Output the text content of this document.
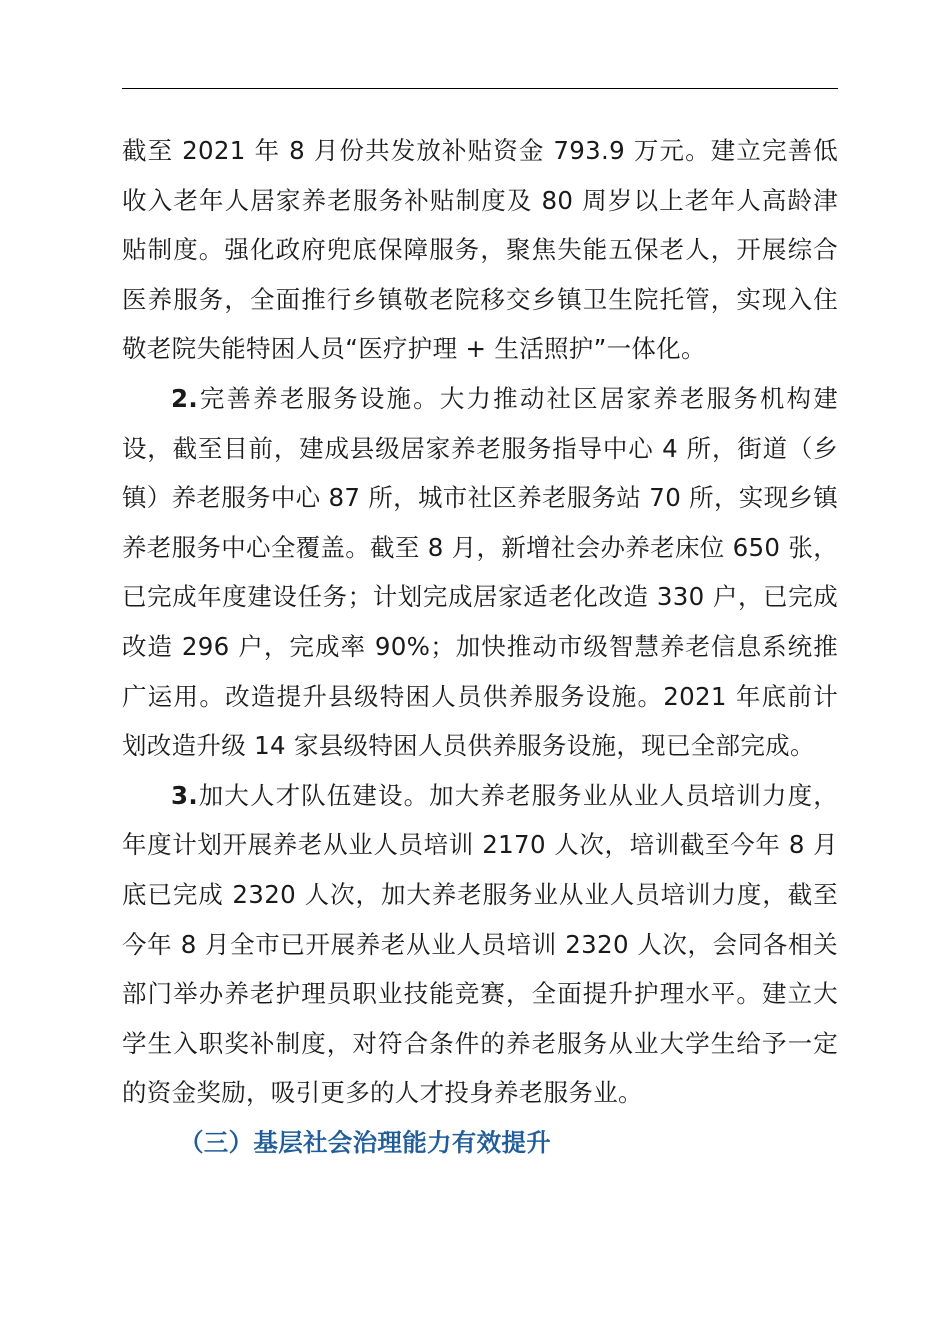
截至 2021 年 8 月份共发放补贴资金 793.9 万元。建立完善低收入老年人居家养老服务补贴制度及 80 周岁以上老年人高龄津贴制度。强化政府兜底保障服务，聚焦失能五保老人，开展综合医养服务，全面推行乡镇敬老院移交乡镇卫生院托管，实现入住敬老院失能特困人员“医疗护理 + 生活照护”一体化。

2.完善养老服务设施。大力推动社区居家养老服务机构建设，截至目前，建成县级居家养老服务指导中心 4 所，街道（乡镇）养老服务中心 87 所，城市社区养老服务站 70 所，实现乡镇养老服务中心全覆盖。截至 8 月，新增社会办养老床位 650 张，已完成年度建设任务；计划完成居家适老化改造 330 户，已完成改造 296 户，完成率 90%；加快推动市级智慧养老信息系统推广运用。改造提升县级特困人员供养服务设施。2021 年底前计划改造升级 14 家县级特困人员供养服务设施，现已全部完成。

3.加大人才队伍建设。加大养老服务业从业人员培训力度，年度计划开展养老从业人员培训 2170 人次，培训截至今年 8 月底已完成 2320 人次，加大养老服务业从业人员培训力度，截至今年 8 月全市已开展养老从业人员培训 2320 人次，会同各相关部门举办养老护理员职业技能竞赛，全面提升护理水平。建立大学生入职奖补制度，对符合条件的养老服务从业大学生给予一定的资金奖励，吸引更多的人才投身养老服务业。

（三）基层社会治理能力有效提升
